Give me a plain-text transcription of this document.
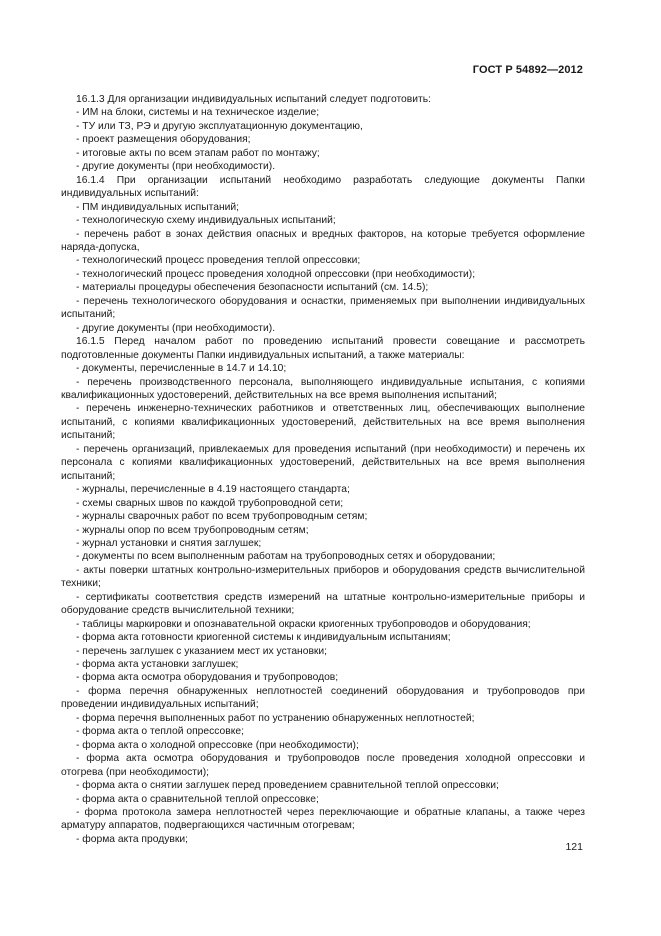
ГОСТ Р 54892—2012

16.1.3 Для организации индивидуальных испытаний следует подготовить:

- ИМ на блоки, системы и на техническое изделие;

- ТУ или ТЗ, РЭ и другую эксплуатационную документацию,

- проект размещения оборудования;

- итоговые акты по всем этапам работ по монтажу;

- другие документы (при необходимости).

16.1.4 При организации испытаний необходимо разработать следующие документы Папки индивидуальных испытаний:

- ПМ индивидуальных испытаний;

- технологическую схему индивидуальных испытаний;

- перечень работ в зонах действия опасных и вредных факторов, на которые требуется оформление наряда-допуска,

- технологический процесс проведения теплой опрессовки;

- технологический процесс проведения холодной опрессовки (при необходимости);

- материалы процедуры обеспечения безопасности испытаний (см. 14.5);

- перечень технологического оборудования и оснастки, применяемых при выполнении индивидуальных испытаний;

- другие документы (при необходимости).

16.1.5 Перед началом работ по проведению испытаний провести совещание и рассмотреть подготовленные документы Папки индивидуальных испытаний, а также материалы:

- документы, перечисленные в 14.7 и 14.10;

- перечень производственного персонала, выполняющего индивидуальные испытания, с копиями квалификационных удостоверений, действительных на все время выполнения испытаний;

- перечень инженерно-технических работников и ответственных лиц, обеспечивающих выполнение испытаний, с копиями квалификационных удостоверений, действительных на все время выполнения испытаний;

- перечень организаций, привлекаемых для проведения испытаний (при необходимости) и перечень их персонала с копиями квалификационных удостоверений, действительных на все время выполнения испытаний;

- журналы, перечисленные в 4.19 настоящего стандарта;

- схемы сварных швов по каждой трубопроводной сети;

- журналы сварочных работ по всем трубопроводным сетям;

- журналы опор по всем трубопроводным сетям;

- журнал установки и снятия заглушек;

- документы по всем выполненным работам на трубопроводных сетях и оборудовании;

- акты поверки штатных контрольно-измерительных приборов и оборудования средств вычислительной техники;

- сертификаты соответствия средств измерений на штатные контрольно-измерительные приборы и оборудование средств вычислительной техники;

- таблицы маркировки и опознавательной окраски криогенных трубопроводов и оборудования;

- форма акта готовности криогенной системы к индивидуальным испытаниям;

- перечень заглушек с указанием мест их установки;

- форма акта установки заглушек;

- форма акта осмотра оборудования и трубопроводов;

- форма перечня обнаруженных неплотностей соединений оборудования и трубопроводов при проведении индивидуальных испытаний;

- форма перечня выполненных работ по устранению обнаруженных неплотностей;

- форма акта о теплой опрессовке;

- форма акта о холодной опрессовке (при необходимости);

- форма акта осмотра оборудования и трубопроводов после проведения холодной опрессовки и отогрева (при необходимости);

- форма акта о снятии заглушек перед проведением сравнительной теплой опрессовки;

- форма акта о сравнительной теплой опрессовке;

- форма протокола замера неплотностей через переключающие и обратные клапаны, а также через арматуру аппаратов, подвергающихся частичным отогревам;

- форма акта продувки;

121
